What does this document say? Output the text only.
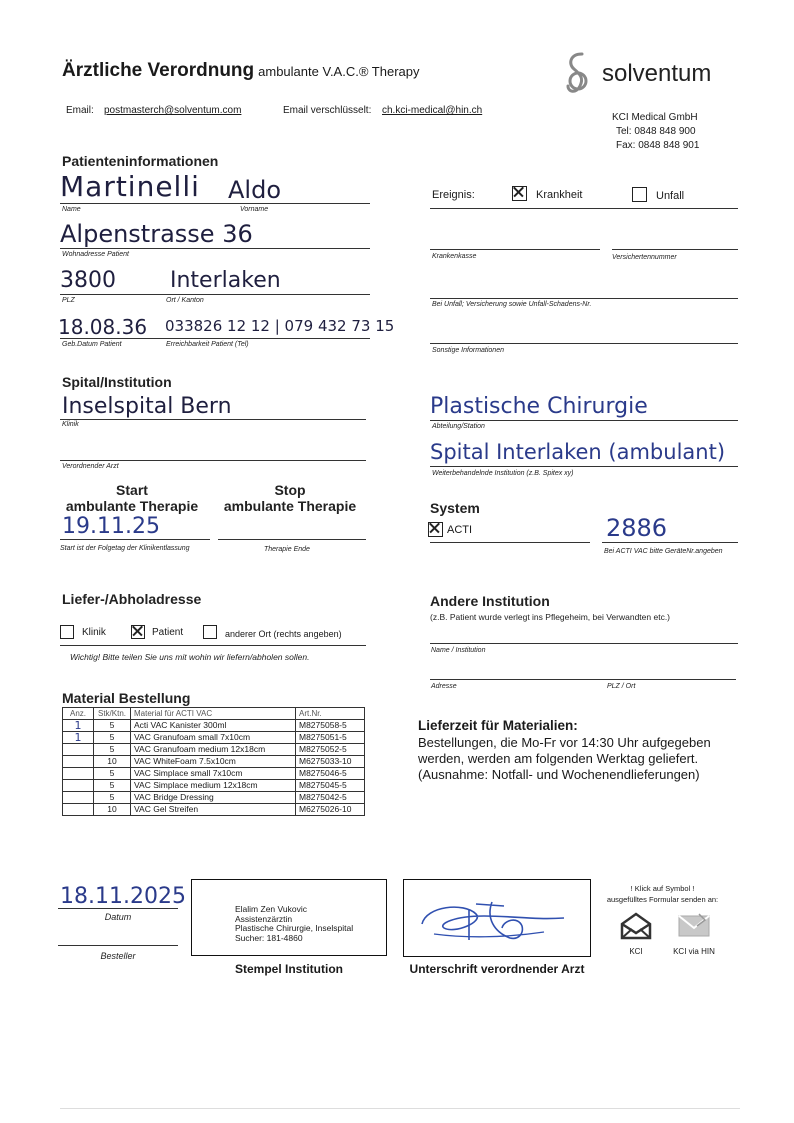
Ärztliche Verordnung ambulante V.A.C.® Therapy	solventum
Email: postmasterch@solventum.com	Email verschlüsselt: ch.kci-medical@hin.ch
KCI Medical GmbH
Tel: 0848 848 900
Fax: 0848 848 901
Patienteninformationen
Martinelli Aldo
Name	Vorname
Alpenstrasse 36
Wohnadresse Patient
3800 Interlaken
PLZ	Ort / Kanton
18.08.36 033826 12 12 | 079 432 73 15
Geb.Datum Patient	Erreichbarkeit Patient (Tel)
Ereignis:	Krankheit	Unfall
Krankenkasse	Versichertennummer
Bei Unfall; Versicherung sowie Unfall-Schadens-Nr.
Sonstige Informationen
Spital/Institution
Inselspital Bern
Klinik
Verordnender Arzt
Plastische Chirurgie
Abteilung/Station
Spital Interlaken (ambulant)
Weiterbehandelnde Institution (z.B. Spitex xy)
Start
ambulante Therapie
Stop
ambulante Therapie
19.11.25
Start ist der Folgetag der Klinikentlassung	Therapie Ende
System
ACTI	2886
Bei ACTI VAC bitte GeräteNr.angeben
Liefer-/Abholadresse
Klinik	Patient	anderer Ort (rechts angeben)
Wichtig! Bitte teilen Sie uns mit wohin wir liefern/abholen sollen.
Andere Institution
(z.B. Patient wurde verlegt ins Pflegeheim, bei Verwandten etc.)
Name / Institution
Adresse	PLZ / Ort
Material Bestellung
Anz.	Stk/Ktn.	Material für ACTI VAC	Art.Nr.
1	5	Acti VAC Kanister 300ml	M8275058-5
1	5	VAC Granufoam small 7x10cm	M8275051-5
	5	VAC Granufoam medium 12x18cm	M8275052-5
	10	VAC WhiteFoam 7.5x10cm	M6275033-10
	5	VAC Simplace small 7x10cm	M8275046-5
	5	VAC Simplace medium 12x18cm	M8275045-5
	5	VAC Bridge Dressing	M8275042-5
	10	VAC Gel Streifen	M6275026-10
Lieferzeit für Materialien:
Bestellungen, die Mo-Fr vor 14:30 Uhr aufgegeben
werden, werden am folgenden Werktag geliefert.
(Ausnahme: Notfall- und Wochenendlieferungen)
18.11.2025
Datum
Besteller
Elalim Zen Vukovic
Assistenzärztin
Plastische Chirurgie, Inselspital
Sucher: 181-4860
Stempel Institution	Unterschrift verordnender Arzt
! Klick auf Symbol !
ausgefülltes Formular senden an:
KCI	KCI via HIN
